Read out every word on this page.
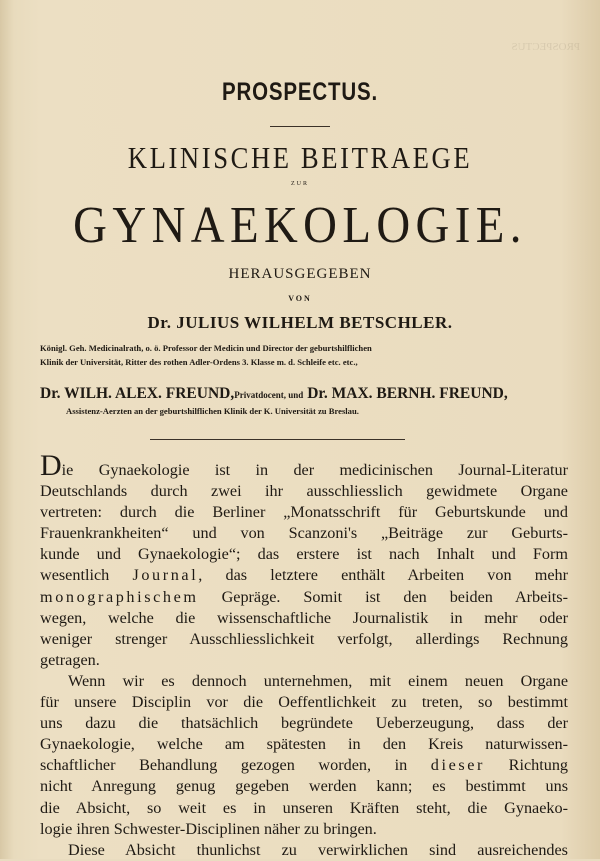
PROSPECTUS
PROSPECTUS.
KLINISCHE BEITRAEGE
ZUR
GYNAEKOLOGIE.
HERAUSGEGEBEN
VON
Dr. JULIUS WILHELM BETSCHLER.
Königl. Geh. Medicinalrath, o. ö. Professor der Medicin und Director der geburtshilflichen
Klinik der Universität, Ritter des rothen Adler-Ordens 3. Klasse m. d. Schleife etc. etc.,
Dr. WILH. ALEX. FREUND,Privatdocent, und Dr. MAX. BERNH. FREUND,
Assistenz-Aerzten an der geburtshilflichen Klinik der K. Universität zu Breslau.
Die Gynaekologie ist in der medicinischen Journal-Literatur
Deutschlands durch zwei ihr ausschliesslich gewidmete Organe
vertreten: durch die Berliner „Monatsschrift für Geburtskunde und
Frauenkrankheiten“ und von Scanzoni's „Beiträge zur Geburts-
kunde und Gynaekologie“; das erstere ist nach Inhalt und Form
wesentlich Journal, das letztere enthält Arbeiten von mehr
monographischem Gepräge. Somit ist den beiden Arbeits-
wegen, welche die wissenschaftliche Journalistik in mehr oder
weniger strenger Ausschliesslichkeit verfolgt, allerdings Rechnung
getragen.
Wenn wir es dennoch unternehmen, mit einem neuen Organe
für unsere Disciplin vor die Oeffentlichkeit zu treten, so bestimmt
uns dazu die thatsächlich begründete Ueberzeugung, dass der
Gynaekologie, welche am spätesten in den Kreis naturwissen-
schaftlicher Behandlung gezogen worden, in dieser Richtung
nicht Anregung genug gegeben werden kann; es bestimmt uns
die Absicht, so weit es in unseren Kräften steht, die Gynaeko-
logie ihren Schwester-Disciplinen näher zu bringen.
Diese Absicht thunlichst zu verwirklichen sind ausreichendes
